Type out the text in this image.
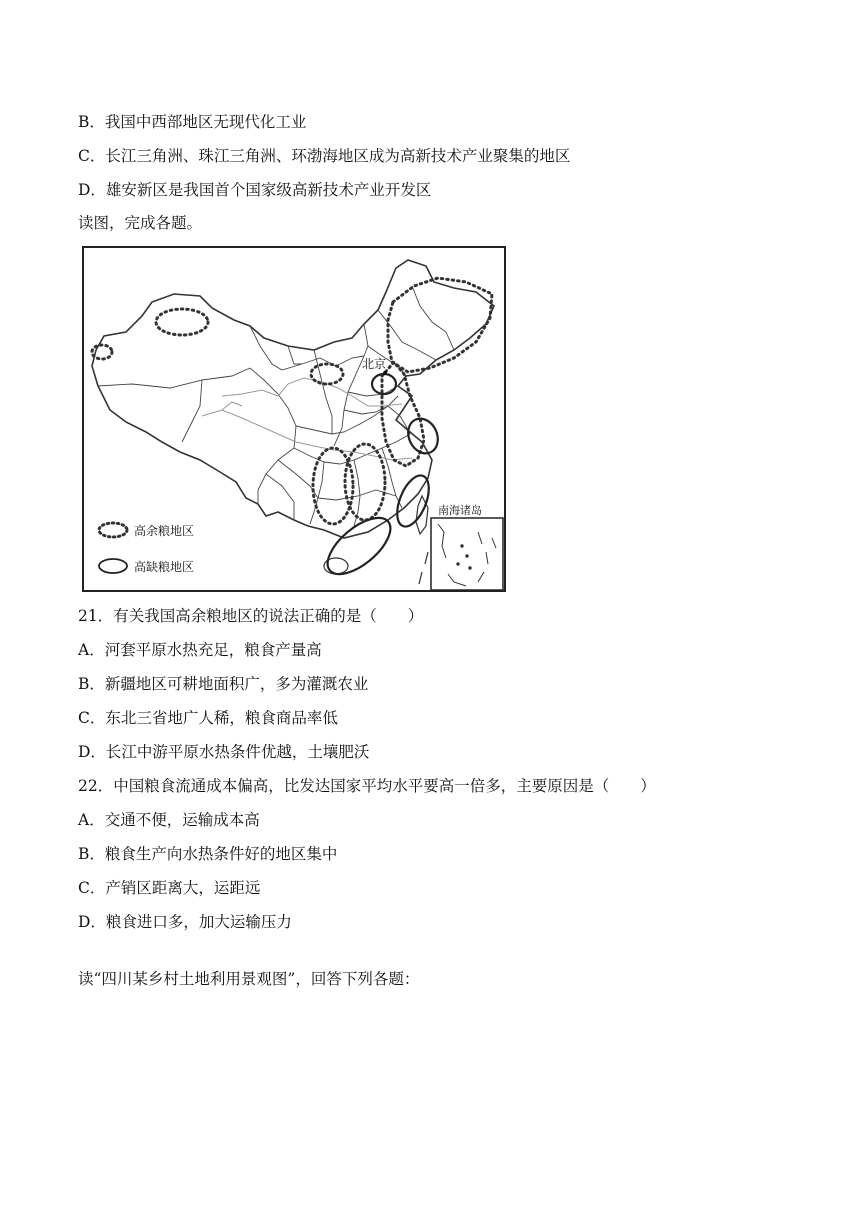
B．我国中西部地区无现代化工业
C．长江三角洲、珠江三角洲、环渤海地区成为高新技术产业聚集的地区
D．雄安新区是我国首个国家级高新技术产业开发区
读图，完成各题。
北京
南海诸岛
高余粮地区
高缺粮地区
21．有关我国高余粮地区的说法正确的是（　　）
A．河套平原水热充足，粮食产量高
B．新疆地区可耕地面积广，多为灌溉农业
C．东北三省地广人稀，粮食商品率低
D．长江中游平原水热条件优越，土壤肥沃
22．中国粮食流通成本偏高，比发达国家平均水平要高一倍多，主要原因是（　　）
A．交通不便，运输成本高
B．粮食生产向水热条件好的地区集中
C．产销区距离大，运距远
D．粮食进口多，加大运输压力
读“四川某乡村土地利用景观图”，回答下列各题：
